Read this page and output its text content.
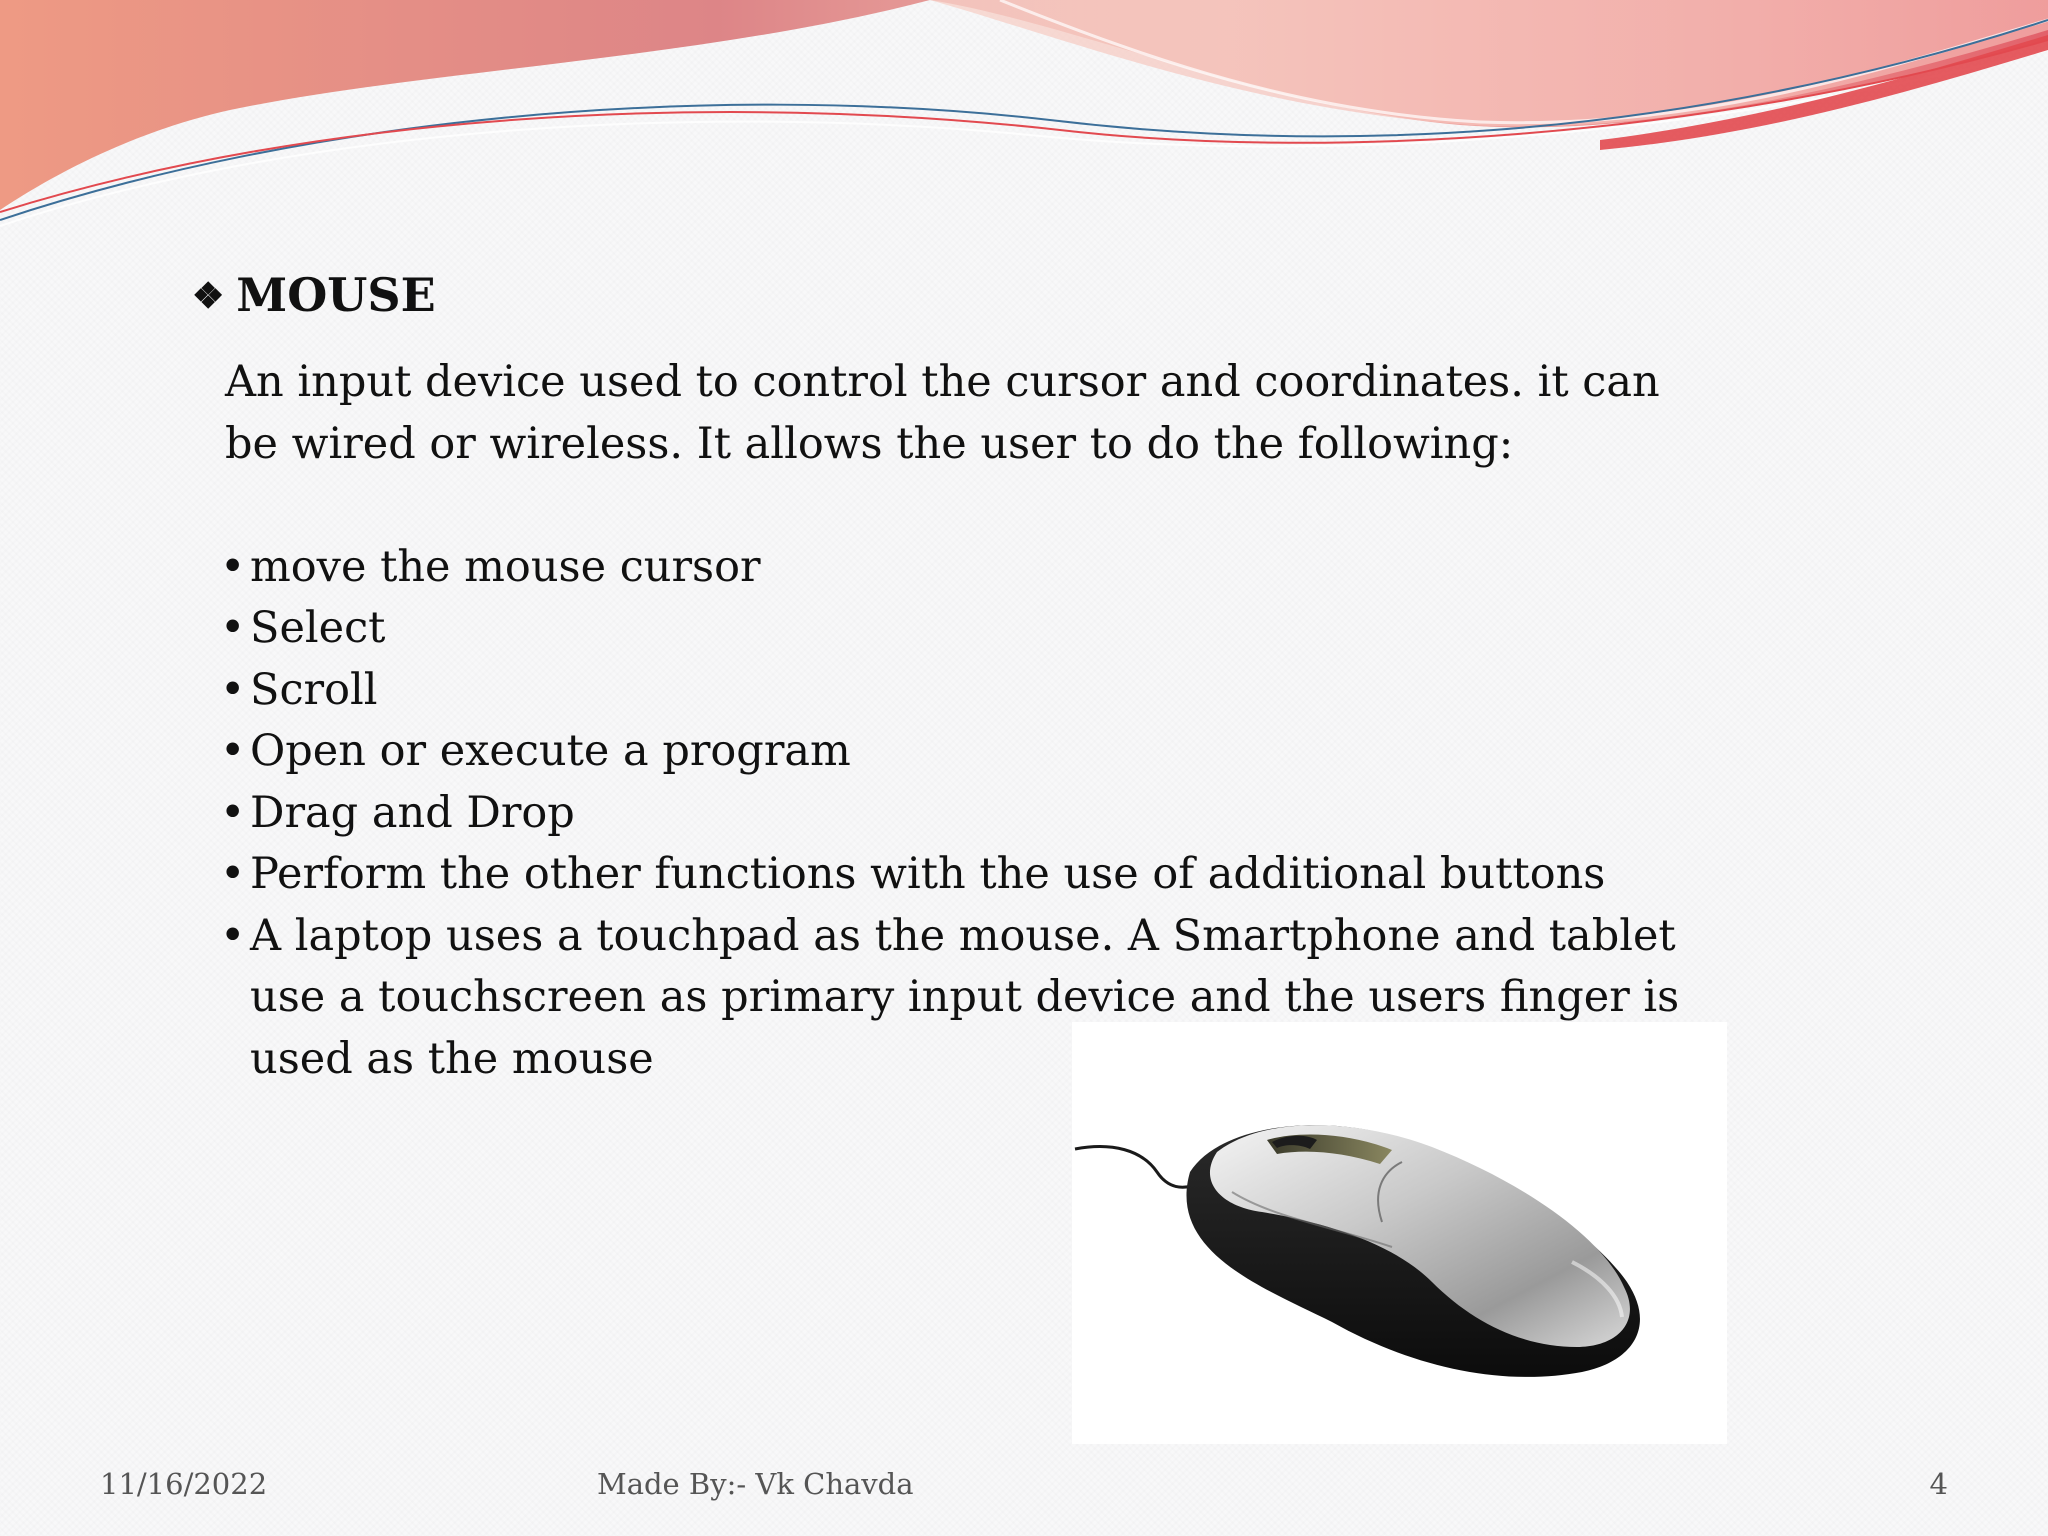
❖ MOUSE

An input device used to control the cursor and coordinates. it can

be wired or wireless. It allows the user to do the following:

• move the mouse cursor
• Select
• Scroll
• Open or execute a program
• Drag and Drop
• Perform the other functions with the use of additional buttons
• A laptop uses a touchpad as the mouse. A Smartphone and tablet use a touchscreen as primary input device and the users finger is used as the mouse
11/16/2022	Made By:- Vk Chavda	4
